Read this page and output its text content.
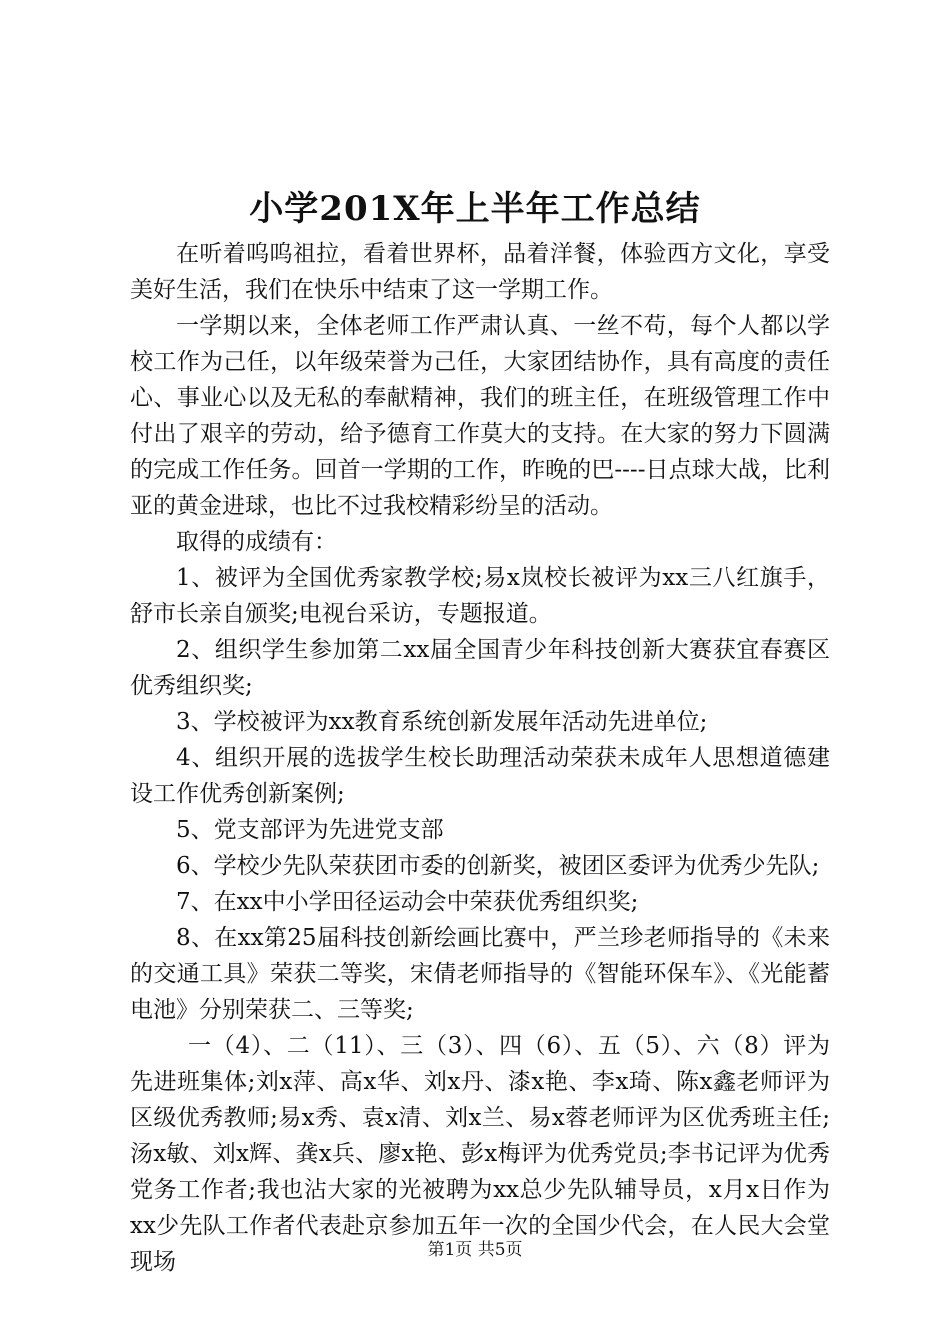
小学201X年上半年工作总结

在听着呜呜祖拉，看着世界杯，品着洋餐，体验西方文化，享受美好生活，我们在快乐中结束了这一学期工作。

一学期以来，全体老师工作严肃认真、一丝不苟，每个人都以学校工作为己任，以年级荣誉为己任，大家团结协作，具有高度的责任心、事业心以及无私的奉献精神，我们的班主任，在班级管理工作中付出了艰辛的劳动，给予德育工作莫大的支持。在大家的努力下圆满的完成工作任务。回首一学期的工作，昨晚的巴----日点球大战，比利亚的黄金进球，也比不过我校精彩纷呈的活动。

取得的成绩有：

1、被评为全国优秀家教学校;易x岚校长被评为xx三八红旗手，舒市长亲自颁奖;电视台采访，专题报道。

2、组织学生参加第二xx届全国青少年科技创新大赛获宜春赛区优秀组织奖;

3、学校被评为xx教育系统创新发展年活动先进单位;

4、组织开展的选拔学生校长助理活动荣获未成年人思想道德建设工作优秀创新案例;

5、党支部评为先进党支部

6、学校少先队荣获团市委的创新奖，被团区委评为优秀少先队;

7、在xx中小学田径运动会中荣获优秀组织奖;

8、在xx第25届科技创新绘画比赛中，严兰珍老师指导的《未来的交通工具》荣获二等奖，宋倩老师指导的《智能环保车》、《光能蓄电池》分别荣获二、三等奖;

一（4）、二（11）、三（3）、四（6）、五（5）、六（8）评为先进班集体;刘x萍、高x华、刘x丹、漆x艳、李x琦、陈x鑫老师评为区级优秀教师;易x秀、袁x清、刘x兰、易x蓉老师评为区优秀班主任;汤x敏、刘x辉、龚x兵、廖x艳、彭x梅评为优秀党员;李书记评为优秀党务工作者;我也沾大家的光被聘为xx总少先队辅导员，x月x日作为xx少先队工作者代表赴京参加五年一次的全国少代会，在人民大会堂现场	第1页 共5页
